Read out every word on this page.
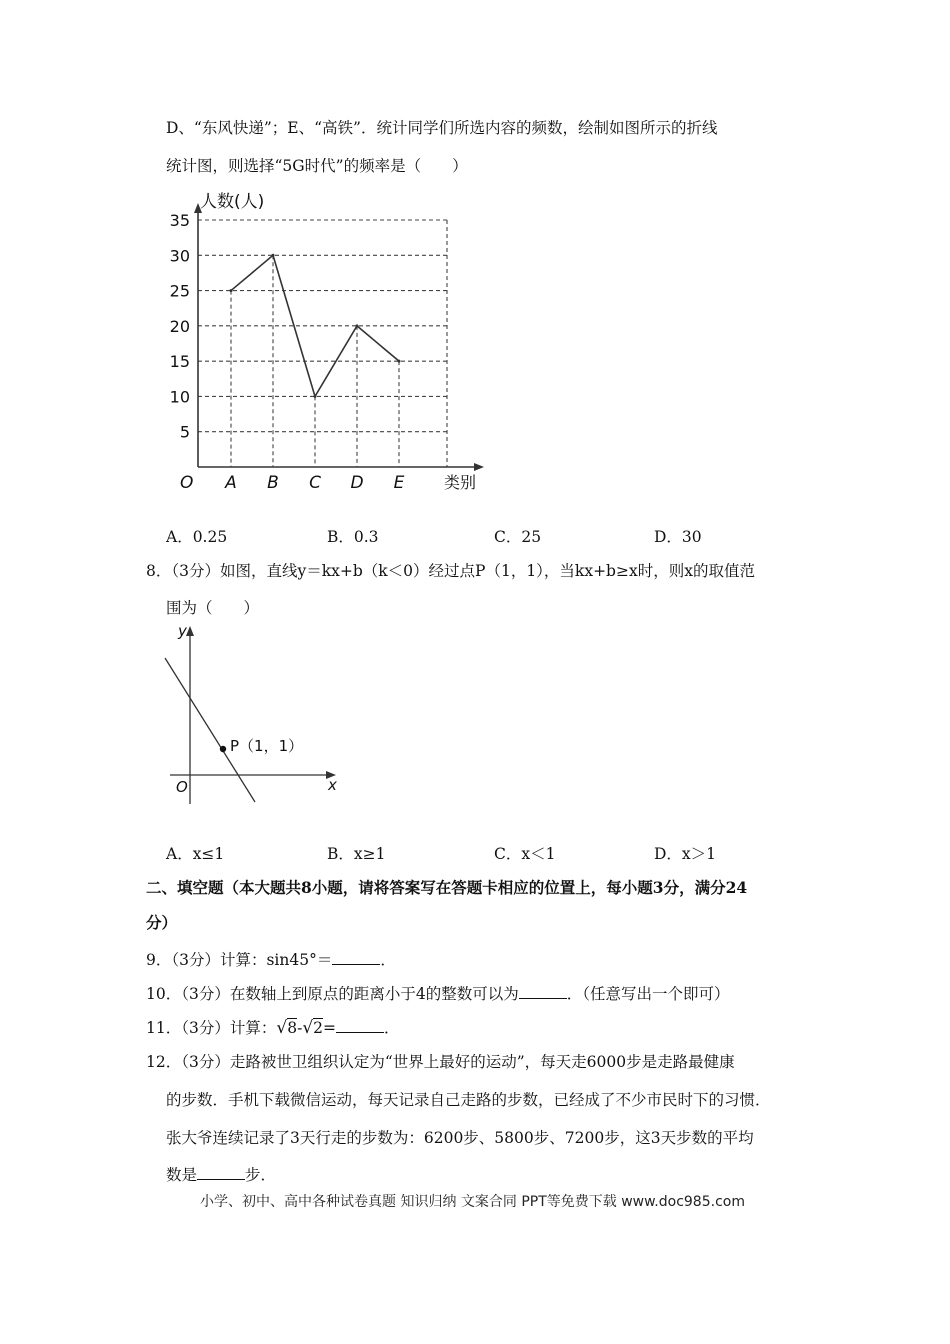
D、“东风快递”；E、“高铁”．统计同学们所选内容的频数，绘制如图所示的折线
统计图，则选择“5G时代”的频率是（　　）
5
10
15
20
25
30
35
A B C D E
人数(人)
类别
O
A．0.25	B．0.3	C．25	D．30
8．（3分）如图，直线y＝kx+b（k＜0）经过点P（1，1），当kx+b≥x时，则x的取值范
围为（　　）
y
x
O
P（1，1）
A．x≤1	B．x≥1	C．x＜1	D．x＞1
二、填空题（本大题共8小题，请将答案写在答题卡相应的位置上，每小题3分，满分24
分）
9．（3分）计算：sin45°＝	．
10．（3分）在数轴上到原点的距离小于4的整数可以为	．（任意写出一个即可）
11．（3分）计算：√8-√2=	．
12．（3分）走路被世卫组织认定为“世界上最好的运动”，每天走6000步是走路最健康
的步数．手机下载微信运动，每天记录自己走路的步数，已经成了不少市民时下的习惯．
张大爷连续记录了3天行走的步数为：6200步、5800步、7200步，这3天步数的平均
数是	步．
小学、初中、高中各种试卷真题 知识归纳 文案合同 PPT等免费下载 www.doc985.com
